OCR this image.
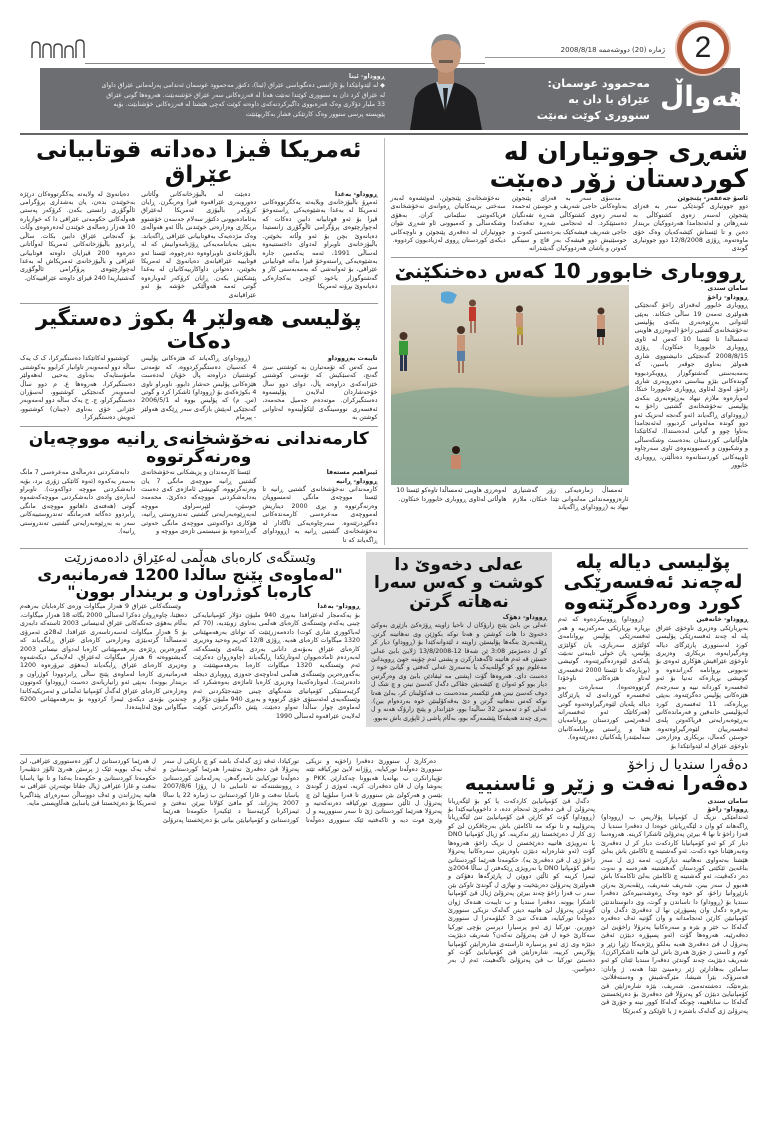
2
ژمارە (20) دووشەممە 2008/8/18
هەواڵ
مەحموود عوسمان: عێراق با دان بە سنووری کوێت نەنێت
ڕووداو- ئینا
◆ لە لێدوانێکدا بۆ ئاژانسی دەنگوباسی عێراق (ئینا)، دکتۆر مەحموود عوسمان ئەندامی پەرلەمانی عێراق داوای لە عێراق کرد دان بە سنووری کوێتدا نەنێت هەتا لە قەرزەکانی سەر عێراق خۆشنەبێت. هەروەها گوتی عێراق 33 ملیار دۆلاری وەک قەرەبووی داگیرکردنەکەی داوەتە کوێت کەچی هێشتا لە قەرزەکانی خۆشنابێت. بۆیە پێویستە پرسی سنوور وەک کارتێکی فشار بەکاربهێنێت
شەڕی جووتیاران لە کوردستان زۆر دەبێت

ئاسۆ جەعفەر- پێنجوێن
دوو جووتیاری گوندێکی سەر بە قەزای پێنجوێن لەسەر زەوی کشتوکاڵی بە شەڕهاتن و لەئەنجامدا هەردووکیان بریندار دەبن و تا ئێستاش کێشەکەیان وەک خۆی ماوەتەوە. ڕۆژی 12/8/2008 دوو جووتیاری گوندی

مەسۆی سەر بە قەزای پێنجوێن بەناوەکانی حاجی شەریف و حوسێن ئەحمەد لەسەر زەوی کشتوکاڵی شەڕە تفەنگیان دەستپێکرد. لە ئەنجامی شەڕە تەقەکەدا حاجی شەریف فیشەکێک بەردەستی کەوت و حوسێنیش دوو فیشەک بەر قاچ و سینگی کەوتن و پاشان هەردووکیان گەیێندرانە

نەخۆشخانەی پێنجوێن، لەوێشەوە لەبەر سەختی برینەکانیان ڕەوانەی نەخۆشخانەی فریاکەوتنی سلێمانی کران. بەهۆی وشکەساڵی و کەمبوونی ئاو شەڕی نێوان جووتیاران لە دەڤەری پێنجوێن و ناوچەکانی دیکەی کوردستان ڕووی لەزیادبوون کردووە.

ڕووباری خابوور 10 کەس دەخنکێنێ

سامان سندی
ڕووداو- زاخۆ
ڕووباری خابوور لەقەزای زاخۆ گەنجێکی هەولێری تەمەن 19 ساڵی خنکاند. بەپێی لێدوانی بەڕێوەبەری بنکەی پۆلیسی نەخۆشخانەی گشتیی زاخۆ (لەوەزری هاوینی ئەمساڵدا تا ئێستا 10 کەس لە ئاوی ڕووباری خابووردا خنکاون). ڕۆژی 2008/8/15 گەنجێکی دانیشتووی شاری هەولێر بەناوی جوڤەر یاسین، کە بەمەبەستی گەشتوگوزار ڕوویکردبووە گوندەکانی بێژو بیناستی دەوروبەری شاری زاخۆ، لەوێ لەئاوی ڕووباری خابووردا خنکا. لەوبارەوە ملازم نیهاد بەڕێوەبەری بنکەی پۆلیسی نەخۆشخانەی گشتیی زاخۆ بە (ڕووداو)ی ڕاگەیاند (ئەو گەنجە لەنزیک ئەو دوو گوندە مەلەوانی کردبوو، لەئەنجامدا بەناوا چوو و گیانی لەدەستدا). لەکاتێکدا هاوڵاتیانی کوردستان بەدەست وشکەساڵی و وشکبوون و کەمبوونەوەی ئاوی سەرچاوە ئاوییەکانی کوردستانەوە دەناڵێنن، ڕووباری خابوور

ئەمساڵ ژمارەیەکی زۆر گەشتیاری ئارەزوومەندانی مەلەوانی تێدا خنکان، ملازم نیهاد بە (ڕووداو)ی ڕاگەیاند

لەوەرزی هاوینی ئەمساڵدا تاوەکو ئێستا 10 هاوڵاتی لەئاوی ڕووباری خابووردا خنکاون.
ئەمریکا ڤیزا دەداتە قوتابیانی عێراق

ڕووداو- بەغدا
ئەمڕۆ باڵیۆزخانەی ویلایەتە یەکگرتووەکانی ئەمریکا لە بەغدا بەشێوەیەکی ڕاستەوخۆ ڤیزا بۆ ئەو قوتابیانە دابین دەکات کە لەچوارچێوەی پرۆگرامی ئاڵوگۆڕی زانستیدا دەیانەوێ بچن بۆ ئەو وڵاتە بخوێنن. باڵیۆزخانەی ناوبراو لەدوای داخستنیەوە لەساڵی 1991، ئەمە یەکەمین جارە بەشێوەیەکی ڕاستەوخۆ ڤیزا بداتە قوتابیانی عێراقی، بۆ ئەوانەشی کە بەمەبەستی کار و گەشتوگوزار یاخود کۆچی بەکجارەکی دەیانەوێ بڕۆنە ئەمریکا

دەبێت لە باڵیۆزخانەکانی وڵاتانی دەوروبەری عێراقەوە ڤیزا وەربگرن. ڕایان کرۆکەر باڵیۆزی ئەمریکا لەعێراق بەئامادەبوونی دکتۆر سەلام حەسەن خۆشنوو بریکاری وەزارەتی خوێندنی باڵا ئەو هەواڵەی وەک مژدەیەک بەقوتابیانی عێراقی ڕاگەیاند. بەپێی بەیاننامەیەکی ڕۆژنامەوانیش کە لە باڵیۆزخانەی ناوبراوەوە دەرچووە، ئێستا ئەو قوتابییە عێراقیانەی دەیانەوێ لە ئەمریکا بخوێنن، دەتوانن داواکارییەکانیان لە بەغدا پێشکێش بکەن. ڕایان کرۆکەر لەوبارەوە گوتی ئەمە هەواڵێکی خۆشە بۆ ئەو عێراقیانەی

دەیانەوێ لە ولایەتە یەکگرتووەکان درێژە بەخوێندن بدەن، یان بەشداری پرۆگرامی ئاڵوگۆڕی زانستی بکەن. کرۆکەر پەستی هەوڵەکانی حکومەتی عێراقی دا کە خوازیارە 10 هەزار زەمالەی خوێندن لەدەرەوەی وڵات بۆ گەنجانی عێراق دابین بکات. ساڵی ڕابردوو باڵیۆزخانەکانی ئەمریکا لەوڵاتانی دەرەوە 200 ڤیزایان داوەتە قوتابیانی عێراقی و باڵیۆزخانەی ئەمریکاش لە بەغدا لەچوارچێوەی پرۆگرامی ئاڵوگۆڕی گەشتیاریدا 240 ڤیزای داوەتە عێراقییەکان.

پۆلیسی هەولێر 4 بکوژ دەستگیر دەکات

تایبەت بەڕووداو
سێ کەس کە تۆمەتبارن بە کوشتنی سێ گەنج، کەسێکیش کە تۆمەتی کوشتنی خێزانەکەی دراوەتە پاڵ، دوای دوو ساڵ خۆحەشاردان لەلایەن پۆلیسەوە دەستگیرکران. موتەدەم جەمیل محەمەد، ئەفسەری نووسینگەی لێکۆڵینەوە لەتاوانی کوشتن بە

(ڕووداو)ی ڕاگەیاند کە هێزەکانی پۆلیس 4 کەسیان دەستگیرکردووە، کە تۆمەتی کوشتنیان دراوەتە پاڵ خۆیان لەدەست هێزەکانی پۆلیس حەشار دابوو. ناوبراو ناوی 4 بکوژەکەی بۆ (ڕووداو) ئاشکرا کرد و گوتی (س. م) کە پۆلیس بووە لە 2006/5/1 گەنجێکی لەپێش بازگەی سەر ڕێگەی هەولێر - پیرمام

کوشتبوو لەکاتێکدا دەستگیرکرا، ک ک یەک ساڵە دوو لەمەوبەر تاوانبار کرابوو بەکوشتنی مامۆستایەک بەناوی یەحیی لەهەولێر دەستگیرکرا، هەروەها ع. م دوو ساڵ لەمەوبەر گەنجێکی کوشتبوو، لەسۆران دەستگیرکراو، ج. ح یەک ساڵە دوو لەمەوبەر خێزانی خۆی بەناوی (جینان) کوشتبوو، ئەویش دەستگیرکرا.

کارمەندانی نەخۆشخانەی ڕانیە مووچەیان وەرنەگرتووە

ئیبراهیم مستەفا
ڕووداو- ڕانیە
کارمەندانی نەخۆشخانەی گشتیی ڕانیە تا ئێستا مووچەی مانگی ئەمسوویان وەرنەگرتووە و بڕی 2000 دیناریش لەمووچەی مەعرەسی کارمەندەکانی دەگێڕدرێتەوە. سەرچاوەیەکی ئاگادار لە نەخۆشخانەی گشتیی ڕانیە بە (ڕووداو)ی ڕاگەیاند کە تا

ئێستا کارمەندان و پزیشکانی نەخۆشخانەی گشتیی ڕانیە مووچەی مانگی 7 یان وەرنەگرتووە، گوتیشی ئاماژەی کەی دەست بەدابەشکردنی مووچەکە دەکرێ. محەمەد حوسێن، لێپرسراوی مووچە لەبەڕێوەبەرایەتی گشتیی تەندروستی ڕانیە، هۆکاری دواکەوتنی مووچەی مانگی حەوتی گەڕاندەوە بۆ سیستمی تازەی مووچە و

دابەشکردنی دەرماڵەی مەعرەسی 7 مانگ بەسەر یەکەوە (ئەوە کاتێکی زۆری برد، بۆیە دابەشکردنی مووچە دواکەوت). ناوبراو لەبارەی وادەی دابەشکردنی مووچەکەشەوە گوتی (هەفتەی داهاتوو مووچەی مانگی ڕابردوو دەگاتە فەرمانگە تەندروستییەکانی سەر بە بەڕێوەبەرایەتی گشتیی تەندروستی ڕانیە).

پۆلیسی دیالە پلە لەچەند ئەفسەرێکی کورد وەردەگرێتەوە

ڕووداو- خانەقین
بەبڕیارێکی وەزیری ناوخۆی عێراق پلە لە چەند ئەفسەرێکی پۆلیسی کورد لەسنووری پارێزگای دیالە وەرگیرایەوە، بریکاری وەزیری ناوخۆی عێراقیش هۆکاری ئەوەی بۆ نەبوونی بڕوانامە گەڕاندەوە و گوتیشی بڕیارەکە تەنیا بۆ ئەو ئەفسەرە کوردانە نییە و سەرجەم هێزەکانی پۆلیس دەگرێتەوە. بەپێی بڕیارەکە، 11 ئەفسەری کورد لەپۆلیسی خانەقین و فەرماندەکانی بەڕێوەبەرایەتی فریاکەوتن پلەی ئەفسەرییان لێوەرگیراوەتەوە. حوسێن کەمال، بریکاری وەزارەتی ناوخۆی عێراق لە لێدوانێکدا بۆ

(ڕووداو) ڕوونیکردەوە کە ئەم بڕیارە بڕیارێکی مەرکەزییە و هەر ئەفسەرێکی پۆلیس بڕوانامەی کۆلێژی سەربازی، یان کۆلێژی پۆلیس، یان خولی تایبەتی نەبێت پلەکەی لێوەردەگیرێتەوە، گوتیشی (بڕیارەکە تا ئێستا 2000 ئەفسەری لەناو هێزەکانی ناوخۆدا گرتووەتەوە). سەبارەت بەو ئەفسەرە کوردانەی لە پارێزگای دیالە پلەیان لێوەرگیراوەتەوە گوتی (هەرکاتێک ئەو ئەفسەرانە لەهەرێمی کوردستان بڕوانامەیان هێنا و ڕاستی بڕوانامەکانیان سەلمێندرا پلەکانیان دەدرێتەوە).

عەلی دخەوێ دا کوشت و کەس سەرا نەهاتە گرتن

ڕووداو- دهۆک
عەلی بن بابێ پێنج زارۆکان ل ناحیا زاویتە ڕۆژەکێ بازێڕی بەوکێ دخەوێ دا هات کوشتن و هەتا نوکە بکوژێن وی نەهاتینە گرتن. ڕێڤەبەرێ بنگەها پۆلیسێن زاویتە د لێدوانەکێدا بۆ (ڕووداو) دیار کر کو ل دەمژمێر 3:08 ێن شەڤا 12-13/8/2008 ژلایێ بابێ عەلی حسێن ڤە ئەم هاتینە ئاگەهدارکرن و پشتی ئەم چۆینە جهێ ڕوویدانێ مەعلوم بوو کو گوللەیەک یا بەسەرێ عەلی کەفتی و گیانێ خوە ژ دەست دای. هەروەها گۆت (پشتی مە ئیفادێن بابێ وی وەرگرتین دیار بوو کو ئەوان چ کێشەیێن جڤاکی دگەل کەسێ نینن و چ شک ل دوف کەسێ نینن هەر ئێکسەر مەدەست ب ڤەکۆلینان کر، بەلێ هەتا نوکە کەس نەهاتیە گرتن و دێ بەڤەکۆلینێن خوە بەردەوام بین). عەلی کو د تەمەنێ 32 ساڵیدا بوو، خێزاندار و پێنج زارۆک هەنە و ل بەری چەند هەیڤەکا پێشمەرگە بوو، بەڵام پاشی ژ ئاپۆری باش نەبوو.

وێستگەی کارەبای هەڵمی لەعێراق دادەمەزرێت
"لەماوەی پێنج ساڵدا 1200 فەرمانبەری کارەبا کوژراون و بریندار بوون"

ڕووداو- بەغدا
بۆ یەکەمجار لەعێراقدا بەبڕی 940 ملیۆن دۆلار کۆمپانیایەکی چینی یەکەم وێستگەی کارەبای هەڵمی بەناوی زوبێدیە، (70 کم لەباکووری شاری کوت) دادەمەزرێنێت کە توانای بەرهەمهێنانی 1320 میگاوات کارەبای هەیە. ڕۆژی 12/8 کەریم وەحید وەزیری کارەبای عێراق بەبۆنەی دانانی بەردی بناغەی وێستگەکە، لەبەردەم ئامادەبووان لەوتارێکدا ڕایگەیاند (چاوەڕوان دەکرێت ئەم وێستگەیە 1320 میگاوات کارەبا بەرهەمبهێنێت و بەگەورەترین وێستگەی هەڵمی لەناوچەی حەوزی ڕووباری دیجلە دادەنرێت). لەوتارەکەیدا وەزیری کارەبا ئاماژەی بەوەشکرد کە گرێبەستێکی کۆمپانیای شەنگهای چینی جێبەجێکردنی ئەم وێستگەیەی لەئەستۆی خۆی گرتووە و بەبڕی 940 ملیۆن دۆلار و لەماوەی چوار ساڵدا تەواو دەبێت. پێش داگیرکردنی کوێت لەلایەن عێراقەوە لەساڵی 1990

وێستگەکانی عێراق 9 هەزار میگاوات وزەی کارەبایان بەرهەم دەهێنا، چاوەڕوان دەکرا لەساڵی 2000 بگاتە 18 هەزار میگاوات، بەڵام بەهۆی جەنگەکانی عێراق لەنیسانی 2003 ئاستەکە دابەزی بۆ 5 هەزار میگاوات لەسەرتاسەری عێراقدا. لە28ی ئەمرۆی ئەمساڵدا گرتەبێژی وەزارەتی کارەبای عێراق ڕایگەیاند کە گەورەترین ڕێژەی بەرهەمهێنانی کارەبا لەدوای نیسانی 2003 گەیشتووەتە 6 هەزار میگاوات لەعێراق. لەلایەکی دیکەشەوە وەزیری کارەبای عێراق ڕایگەیاند (بەهۆی تیرۆرەوە 1200 فەرمانبەری کارەبا لەماوەی پێنج ساڵی ڕابردوودا کوژراون و بریندار بوونە). بەپێی ئەو زانیاریانەی دەست (ڕووداو) کەوتوون وەزارەتی کارەبای عێراق لەگەڵ کۆمپانیا ئەڵمانی و ئەمریکیەکاندا چەندین بۆندی دیکەی ئیمزا کردووە بۆ بەرهەمهێنانی 6200 میگاواتی نوێ لەئایندەدا.

دەڤەرا سندیا ل زاخۆ
دەڤەرا نەفت و زێڕ و ئاسنییە

سامان سندی
ڕووداو- زاخۆ
ئەندامێکی نزیک ل کۆمپانیا پۆلاریس ب (ڕووداو) ڕاگەهاند کو وان د لێگەڕیانێن خوەدا ل دەڤەرا سندیا ل قەزا زاخۆ تا نها 4 بیرێن پەترۆلێ ئاشکرا کرینە. هەروەسا دیار کر کو ئەو کۆمپانیایا کاردکەت دیار کر ل دەڤەرێ وەبەرهێنانا خوە دکەت. ئەو گەشتینە چ ئاکامێن باش بەلێ هێشتا بەتەواوی نەهاتینە دیارکرن، ئەمە ژی ل سەر بناغەیێ ئێکێتی کوردستان گەهشتینە هەرەسە و نەوت دەر دکەڤیت، ئەو گەشتینە چ ئاکامێن بەلێ ئاکامەکا باش هەبوو ل سەر بینن. شەریف شەریف، ڕێڤەبەرێ بەرێن بازێڕوانیا زاخۆ، کو خوە وەک ڕەوشەنبیرەکێ دەڤەرا سندیا بۆ (ڕووداو) دا ناساندن و گوت، وی دانوستاندنێن بەرفرە دگەل وان پسپۆڕێن نها ل دەڤەرێ دگەل وان کۆمپانیێن کارێن ئەنجامدانە و وان گۆتیە ئەڤ دەڤەرە گەلەکا ب خێر و بێرە و سەرەکانیا پەترۆلا زاخۆیێ لێ دەڤەرێیە. هەروەها گۆت (ئەو پسپۆڕە دبێژن ئەڤێ پەترۆل ل ڤێ دەڤەرێ هەیە بەلکو ڕێژەیەکا زێڕا زێڕ و کوم و ئاسنی ژ جۆرێ هەرێ باش لێ هاتیە ئاشکراکرن). شەریف دبێژیت چەند گوندێن دەڤەرا سندیا ئێنان کو ئەو ساماێن بەهادارێن ژێر زەمینێ تێدا هەنە، ژ وانان: قەسرۆک، بێرا شیشا، مێرگەشیش و وەستەڤلانێ، بێرەنێک، دەشتەتەمێ. شەریف، بێژە شارەزایێن ڤێ کۆمپانیایێ دبێژن کو پەترۆلا ڤێ دەڤەرێ بۆ دەرێخستنێ گەلەکا ب ساناهییە، چونکە گەلەکا کوور نینە و جۆرێ ڤێ پەترۆلێ ژی گەلەک باشترە ژ یا ئاوێکێ و کەبرێکا

دگەل ڤێ کۆمپانیایێ کاردکەت یا کو بۆ لێگەڕیانا پەترۆلێ ل ڤێ دەڤەرێ ئەنجام ددە، د داخوویانیەکێدا بۆ (ڕووداو) گۆت کو کارێن ڤێ کۆمپانیایێ تنێ لێگەڕیانا پەترۆلییە و تا نوکە مە ئاکامێن باش بەرچاڤکرن لێ کو ژی کار ل دەرێخستنا زێڕ نەکرینە. کو زیال کۆمپانیا DNO یا نەرویژی هاتییە دەرێخستن ل نزیک زاخۆ، هەروەها گۆت (ئەو شارەزایە دبێژن باوەریێن سەرەکانیا پەترۆلا زاخۆ ژی ل ڤێ دەڤەرێ یە). حکومەتا هەرێما کوردستانێ تەڤی کۆمپانیا DNO یا نەرویژی ڕێکەفتن ل ساڵا 2004ێ ئیمزا کرینە کو ئاڵێن دووێن ل پارێزگەها دهۆکێ و هەولێرێ پەترۆلێ دەربێخیت و نهاژی ل گوندێ تاوکێ بێن سەر ب قەزا زاخۆ چەند بیرێن پەترۆلێ ژیال ڤێ کۆمپانیا ئاشکرا بوونە. دەڤەرا سندیا و ب تایبەت هندەک ژوان گوندێن پەترۆل لێ هاتییە دیتن گەلەک نزیکی سنوورێ دەوڵەتا تورکیایە، هندەک تنێ 3 کیلۆمەترا ل سنوورێ دووربن. تورکیا ژی ئەو پرسیارا دپرسن بۆچی تورکیا سەکارێ خوە ل ڤێ پەترۆلێ نەکەن؟ شەریف دبێژیت دبێژە وی ژی ئەو پرسیارە ئاراستەی شارەزایێن کۆمپانیا پۆلاریس کرییە، شارەزایێن ڤێ کۆمپانیایێ گۆت کو دەستێ تورکیا ب ڤێ پەترۆلێ ناگەهیت، ئەم ل بەر دەوامین.

دەرکارێ ل سنوورێ دەڤەرا زاخۆیە و نزیکی سنوورێ دەوڵەتا تورکیایە، ڕۆژانە لایێ تورکیاڤە تێتە تۆپبارانکرن ب بهانەیا هەبوونا چەکدارێن PKK و بەوشا وان ل ڤان دەڤەران. کریە، ئەوژی ژ گوندێ بێسن و هەرکولێ بێن سنووری تا قەرا سلۆپیا لێ چ پەترۆل ل ئاڵێن سنووری تورکیاڤە دەرنەکەتیە و پەترۆلا هەرێما کوردستانێ ژێ تا سەر سنوورییە و ل وێرێ فوت دبە و ئاکەفتیە ئێک سنووری دەوڵەتا تورکیادا، ئەڤە ژی گەلەک باشە کو چ بارێکی ل سەر پەترۆلا ڤێ دەڤەرێ نەتێبەرا هەرێما کوردستانێ و دەوڵەتا تورکیایێ نامەرگەهن. پەرلەمانێ کوردستانێ د ڕوونشتنەکە تە ئاسایی دا ل ڕۆژا 2007/8/6 یاسایا نەفت و غازا کوردستانێ ب ژمارە 22 یا ساڵا 2007 پەژراند، کو مافێ کۆلانا بیرێن نەفتێ و ئیمزاکرنا گرێبەستا د ئێکبەرا حکومەتا هەرێما کوردستانێ و کۆمپانیایێن بیانی بۆ دەرێخستنا پەترۆلێ ل هەرێما کوردستانێ ل گۆر دەستووری عێراقی، لێ ئەڤ یەک بوویە ئێک ژ پرسێن هەرێ ئالۆز دنێڤبەرا حکومەتا کوردستانێ و حکومەتا بەغدا و تا نها یاسایا نەفت و غازا عێراقی ژیال جڤاتا نوێنەرێن عێراقی نە هاتیە پەژراندن و ئەڤ دووساڵن سەرەڕای پێداگیریا ئەمریکا بۆ دەرێخستنا ڤێ یاسایێ هەڵاویستی مایە.
